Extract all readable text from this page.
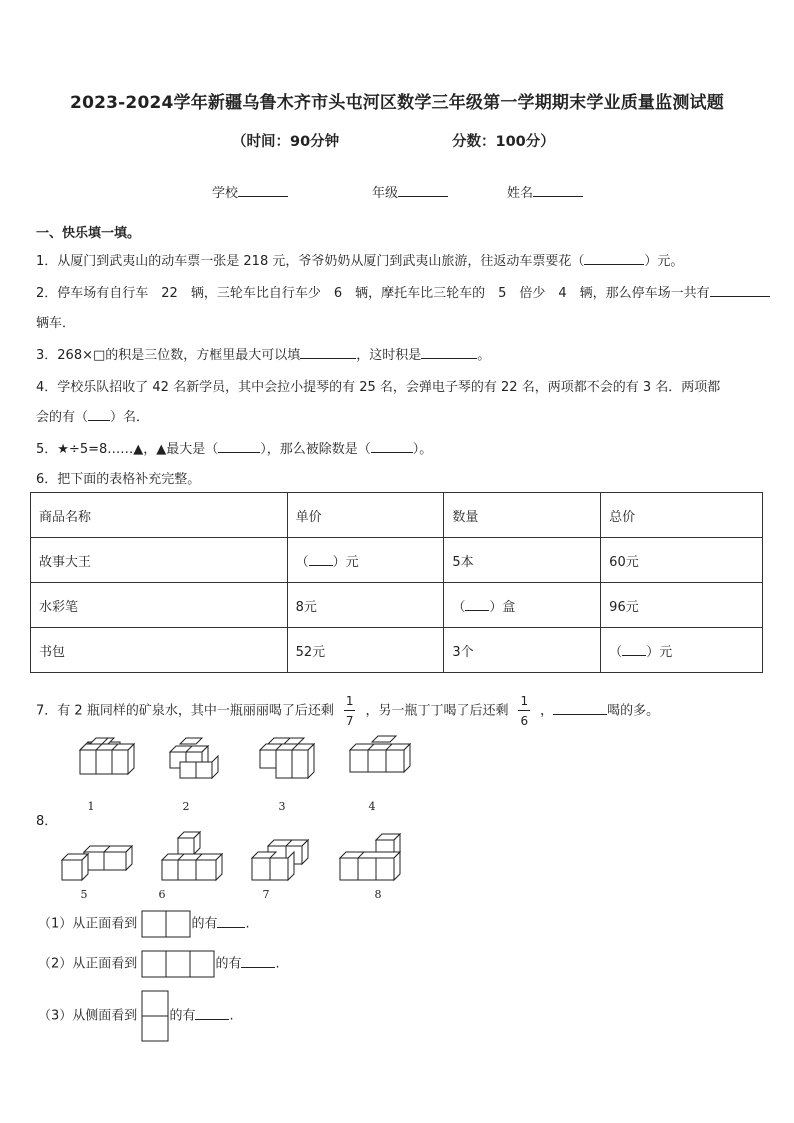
2023-2024学年新疆乌鲁木齐市头屯河区数学三年级第一学期期末学业质量监测试题
（时间：90分钟	分数：100分）
学校	年级	姓名
一、快乐填一填。
1．从厦门到武夷山的动车票一张是 218 元，爷爷奶奶从厦门到武夷山旅游，往返动车票要花（	）元。
2．停车场有自行车　22　辆，三轮车比自行车少　6　辆，摩托车比三轮车的　5　倍少　4　辆，那么停车场一共有
辆车．
3．268×□的积是三位数，方框里最大可以填	，这时积是	。
4．学校乐队招收了 42 名新学员，其中会拉小提琴的有 25 名，会弹电子琴的有 22 名，两项都不会的有 3 名．两项都
会的有（ ）名．
5．★÷5=8……▲，▲最大是（	），那么被除数是（	）。
6．把下面的表格补充完整。
商品名称	单价	数量	总价
故事大王	（ ）元	5本	60元
水彩笔	8元	（ ）盒	96元
书包	52元	3个	（ ）元
7．有 2 瓶同样的矿泉水，其中一瓶丽丽喝了后还剩 $\frac{1}{7}$ ，另一瓶丁丁喝了后还剩 $\frac{1}{6}$ ，	喝的多。
8．
1	2	3	4
5	6	7	8
（1）从正面看到	的有 .
（2）从正面看到	的有	.
（3）从侧面看到 的有	.
